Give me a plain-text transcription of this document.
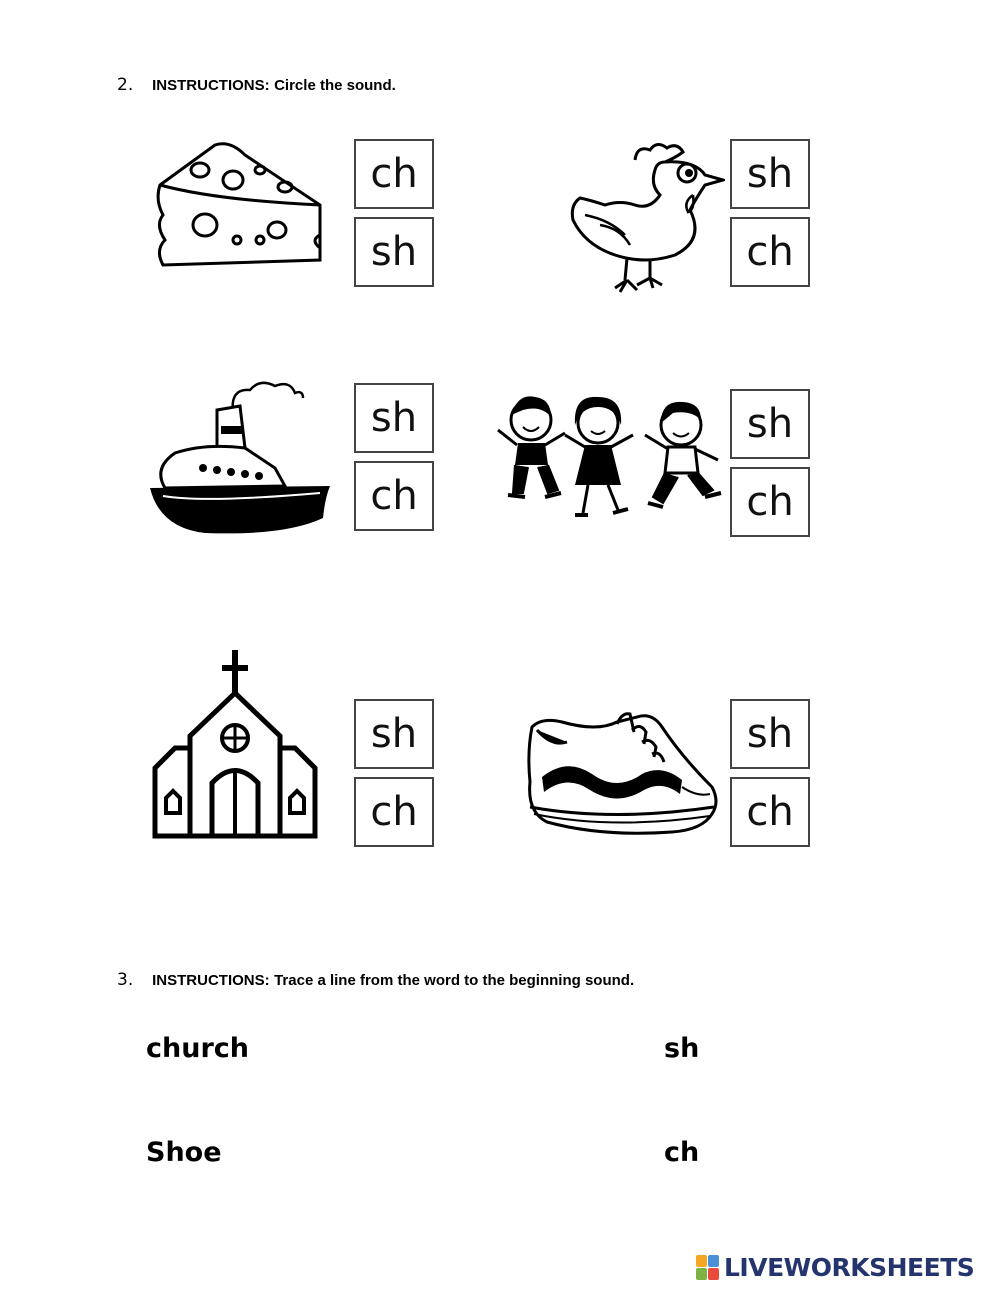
2. INSTRUCTIONS: Circle the sound.
ch
sh
sh
ch
sh
ch
sh
ch
sh
ch
sh
ch
3. INSTRUCTIONS: Trace a line from the word to the beginning sound.
church
Shoe
sh
ch
LIVEWORKSHEETS
